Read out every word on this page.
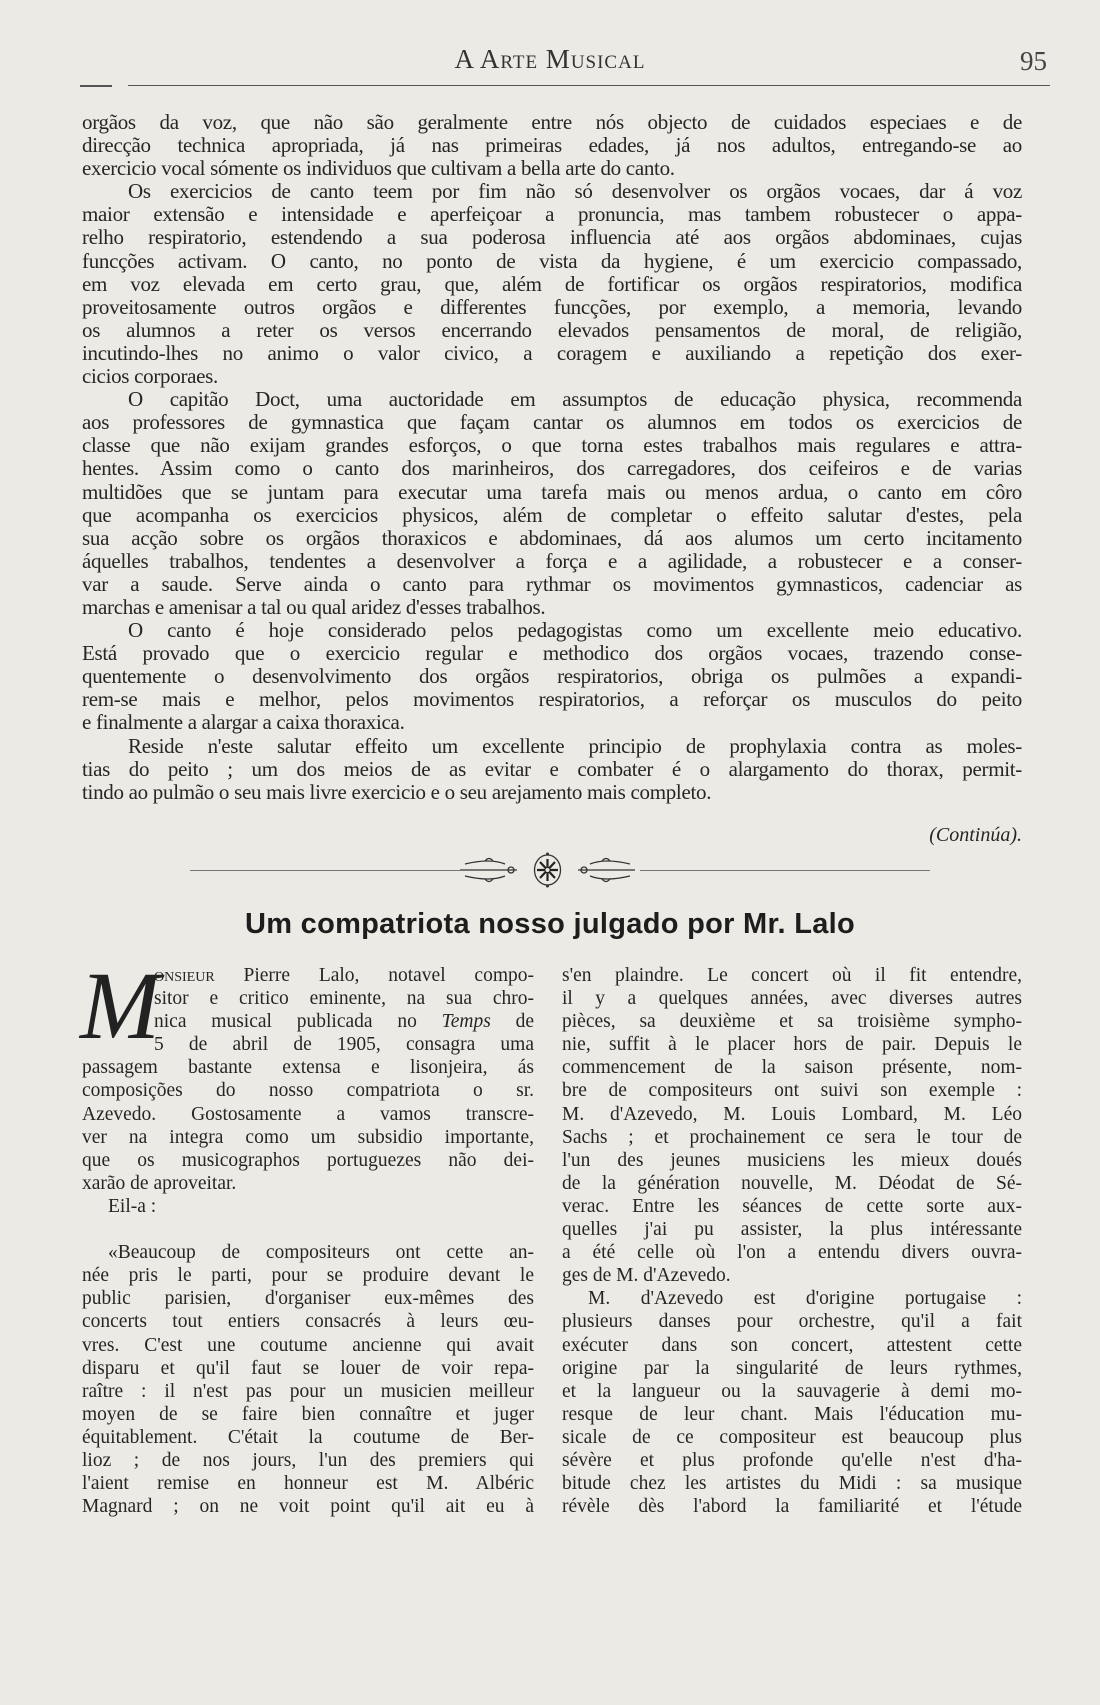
A Arte Musical	95
orgãos da voz, que não são geralmente entre nós objecto de cuidados especiaes e de
direcção technica apropriada, já nas primeiras edades, já nos adultos, entregando-se ao
exercicio vocal sómente os individuos que cultivam a bella arte do canto.
Os exercicios de canto teem por fim não só desenvolver os orgãos vocaes, dar á voz
maior extensão e intensidade e aperfeiçoar a pronuncia, mas tambem robustecer o appa-
relho respiratorio, estendendo a sua poderosa influencia até aos orgãos abdominaes, cujas
funcções activam. O canto, no ponto de vista da hygiene, é um exercicio compassado,
em voz elevada em certo grau, que, além de fortificar os orgãos respiratorios, modifica
proveitosamente outros orgãos e differentes funcções, por exemplo, a memoria, levando
os alumnos a reter os versos encerrando elevados pensamentos de moral, de religião,
incutindo-lhes no animo o valor civico, a coragem e auxiliando a repetição dos exer-
cicios corporaes.
O capitão Doct, uma auctoridade em assumptos de educação physica, recommenda
aos professores de gymnastica que façam cantar os alumnos em todos os exercicios de
classe que não exijam grandes esforços, o que torna estes trabalhos mais regulares e attra-
hentes. Assim como o canto dos marinheiros, dos carregadores, dos ceifeiros e de varias
multidões que se juntam para executar uma tarefa mais ou menos ardua, o canto em côro
que acompanha os exercicios physicos, além de completar o effeito salutar d'estes, pela
sua acção sobre os orgãos thoraxicos e abdominaes, dá aos alumos um certo incitamento
áquelles trabalhos, tendentes a desenvolver a força e a agilidade, a robustecer e a conser-
var a saude. Serve ainda o canto para rythmar os movimentos gymnasticos, cadenciar as
marchas e amenisar a tal ou qual aridez d'esses trabalhos.
O canto é hoje considerado pelos pedagogistas como um excellente meio educativo.
Está provado que o exercicio regular e methodico dos orgãos vocaes, trazendo conse-
quentemente o desenvolvimento dos orgãos respiratorios, obriga os pulmões a expandi-
rem-se mais e melhor, pelos movimentos respiratorios, a reforçar os musculos do peito
e finalmente a alargar a caixa thoraxica.
Reside n'este salutar effeito um excellente principio de prophylaxia contra as moles-
tias do peito ; um dos meios de as evitar e combater é o alargamento do thorax, permit-
tindo ao pulmão o seu mais livre exercicio e o seu arejamento mais completo.
(Continúa).
Um compatriota nosso julgado por Mr. Lalo
M
onsieur Pierre Lalo, notavel compo-
sitor e critico eminente, na sua chro-
nica musical publicada no Temps de
5 de abril de 1905, consagra uma
passagem bastante extensa e lisonjeira, ás
composições do nosso compatriota o sr.
Azevedo. Gostosamente a vamos transcre-
ver na integra como um subsidio importante,
que os musicographos portuguezes não dei-
xarão de aproveitar.
Eil-a :
«Beaucoup de compositeurs ont cette an-
née pris le parti, pour se produire devant le
public parisien, d'organiser eux-mêmes des
concerts tout entiers consacrés à leurs œu-
vres. C'est une coutume ancienne qui avait
disparu et qu'il faut se louer de voir repa-
raître : il n'est pas pour un musicien meilleur
moyen de se faire bien connaître et juger
équitablement. C'était la coutume de Ber-
lioz ; de nos jours, l'un des premiers qui
l'aient remise en honneur est M. Albéric
Magnard ; on ne voit point qu'il ait eu à
s'en plaindre. Le concert où il fit entendre,
il y a quelques années, avec diverses autres
pièces, sa deuxième et sa troisième sympho-
nie, suffit à le placer hors de pair. Depuis le
commencement de la saison présente, nom-
bre de compositeurs ont suivi son exemple :
M. d'Azevedo, M. Louis Lombard, M. Léo
Sachs ; et prochainement ce sera le tour de
l'un des jeunes musiciens les mieux doués
de la génération nouvelle, M. Déodat de Sé-
verac. Entre les séances de cette sorte aux-
quelles j'ai pu assister, la plus intéressante
a été celle où l'on a entendu divers ouvra-
ges de M. d'Azevedo.
M. d'Azevedo est d'origine portugaise :
plusieurs danses pour orchestre, qu'il a fait
exécuter dans son concert, attestent cette
origine par la singularité de leurs rythmes,
et la langueur ou la sauvagerie à demi mo-
resque de leur chant. Mais l'éducation mu-
sicale de ce compositeur est beaucoup plus
sévère et plus profonde qu'elle n'est d'ha-
bitude chez les artistes du Midi : sa musique
révèle dès l'abord la familiarité et l'étude
